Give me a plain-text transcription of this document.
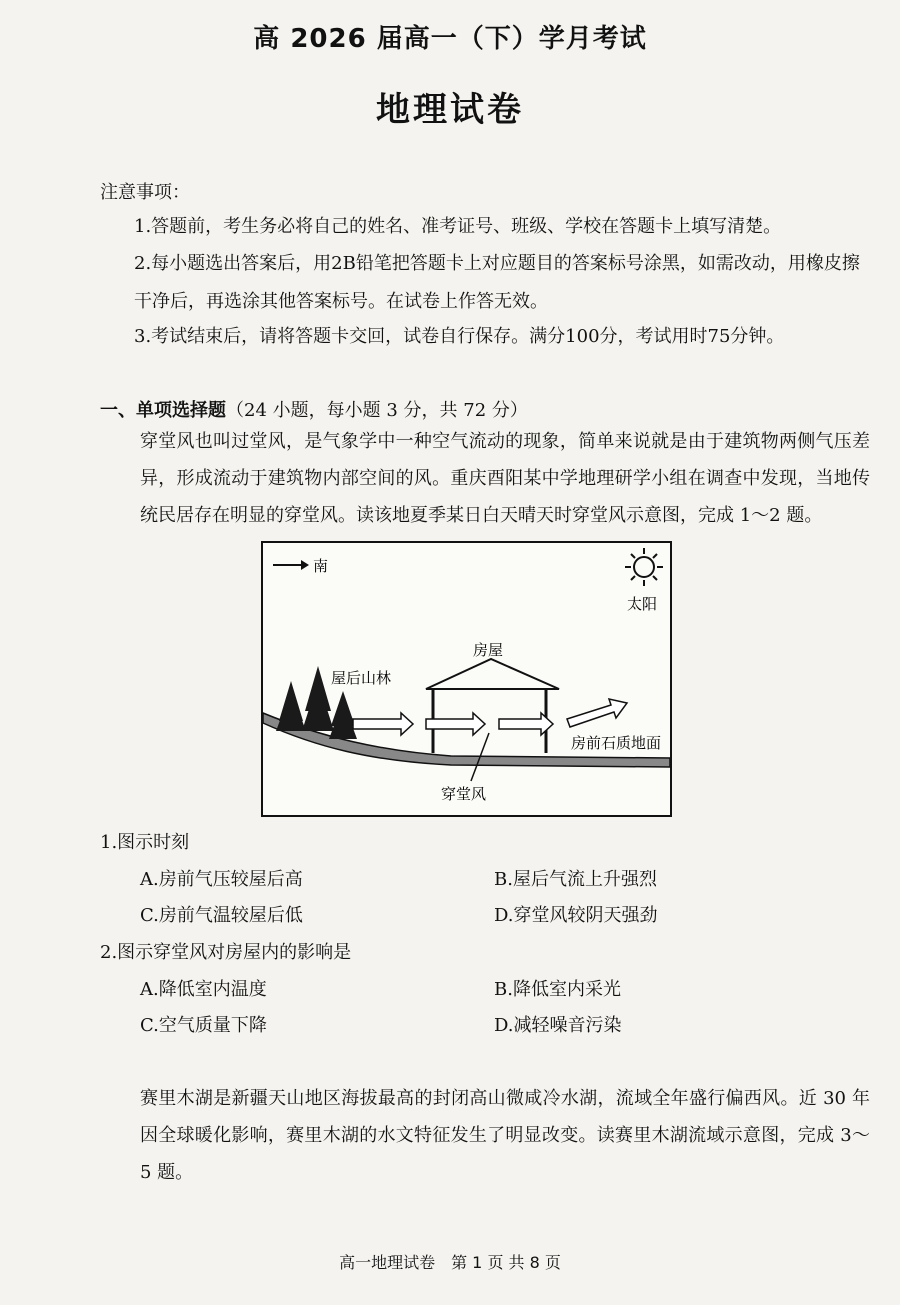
高 2026 届高一（下）学月考试
地理试卷
注意事项：
1.答题前，考生务必将自己的姓名、准考证号、班级、学校在答题卡上填写清楚。
2.每小题选出答案后，用2B铅笔把答题卡上对应题目的答案标号涂黑，如需改动，用橡皮擦干净后，再选涂其他答案标号。在试卷上作答无效。
3.考试结束后，请将答题卡交回，试卷自行保存。满分100分，考试用时75分钟。
一、单项选择题（24 小题，每小题 3 分，共 72 分）
穿堂风也叫过堂风，是气象学中一种空气流动的现象，简单来说就是由于建筑物两侧气压差异，形成流动于建筑物内部空间的风。重庆酉阳某中学地理研学小组在调查中发现，当地传统民居存在明显的穿堂风。读该地夏季某日白天晴天时穿堂风示意图，完成 1～2 题。
南
太阳
房屋
屋后山林
房前石质地面
穿堂风
1.图示时刻
A.房前气压较屋后高	B.屋后气流上升强烈
C.房前气温较屋后低	D.穿堂风较阴天强劲
2.图示穿堂风对房屋内的影响是
A.降低室内温度	B.降低室内采光
C.空气质量下降	D.减轻噪音污染
赛里木湖是新疆天山地区海拔最高的封闭高山微咸冷水湖，流域全年盛行偏西风。近 30 年因全球暖化影响，赛里木湖的水文特征发生了明显改变。读赛里木湖流域示意图，完成 3～5 题。
高一地理试卷　第 1 页 共 8 页
